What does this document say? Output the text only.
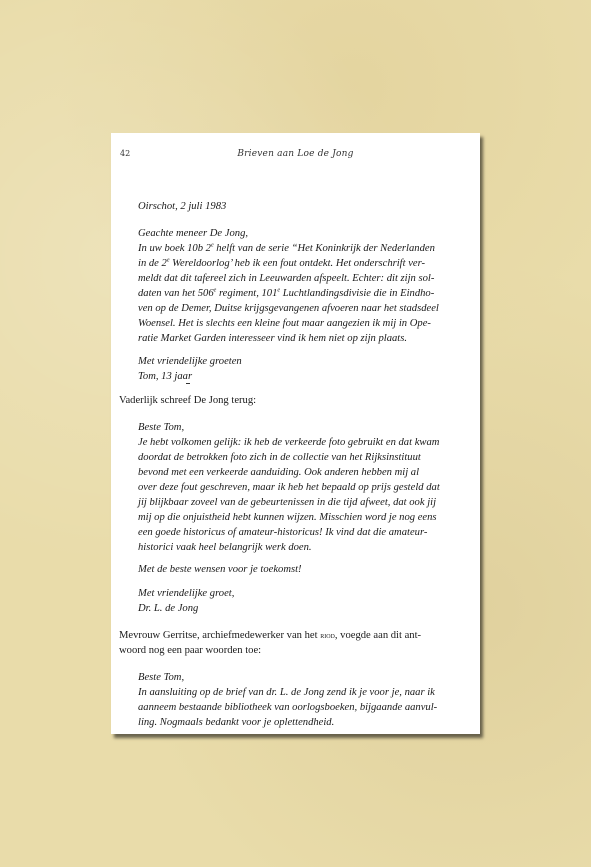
42	Brieven aan Loe de Jong
Oirschot, 2 juli 1983
Geachte meneer De Jong,
In uw boek 10b 2e helft van de serie “Het Koninkrijk der Nederlanden
in de 2e Wereldoorlog’ heb ik een fout ontdekt. Het onderschrift ver-
meldt dat dit tafereel zich in Leeuwarden afspeelt. Echter: dit zijn sol-
daten van het 506e regiment, 101e Luchtlandingsdivisie die in Eindho-
ven op de Demer, Duitse krijgsgevangenen afvoeren naar het stadsdeel
Woensel. Het is slechts een kleine fout maar aangezien ik mij in Ope-
ratie Market Garden interesseer vind ik hem niet op zijn plaats.
Met vriendelijke groeten
Tom, 13 jaar
Vaderlijk schreef De Jong terug:
Beste Tom,
Je hebt volkomen gelijk: ik heb de verkeerde foto gebruikt en dat kwam
doordat de betrokken foto zich in de collectie van het Rijksinstituut
bevond met een verkeerde aanduiding. Ook anderen hebben mij al
over deze fout geschreven, maar ik heb het bepaald op prijs gesteld dat
jij blijkbaar zoveel van de gebeurtenissen in die tijd afweet, dat ook jij
mij op die onjuistheid hebt kunnen wijzen. Misschien word je nog eens
een goede historicus of amateur-historicus! Ik vind dat die amateur-
historici vaak heel belangrijk werk doen.
Met de beste wensen voor je toekomst!
Met vriendelijke groet,
Dr. L. de Jong
Mevrouw Gerritse, archiefmedewerker van het riod, voegde aan dit ant-
woord nog een paar woorden toe:
Beste Tom,
In aansluiting op de brief van dr. L. de Jong zend ik je voor je, naar ik
aanneem bestaande bibliotheek van oorlogsboeken, bijgaande aanvul-
ling. Nogmaals bedankt voor je oplettendheid.
